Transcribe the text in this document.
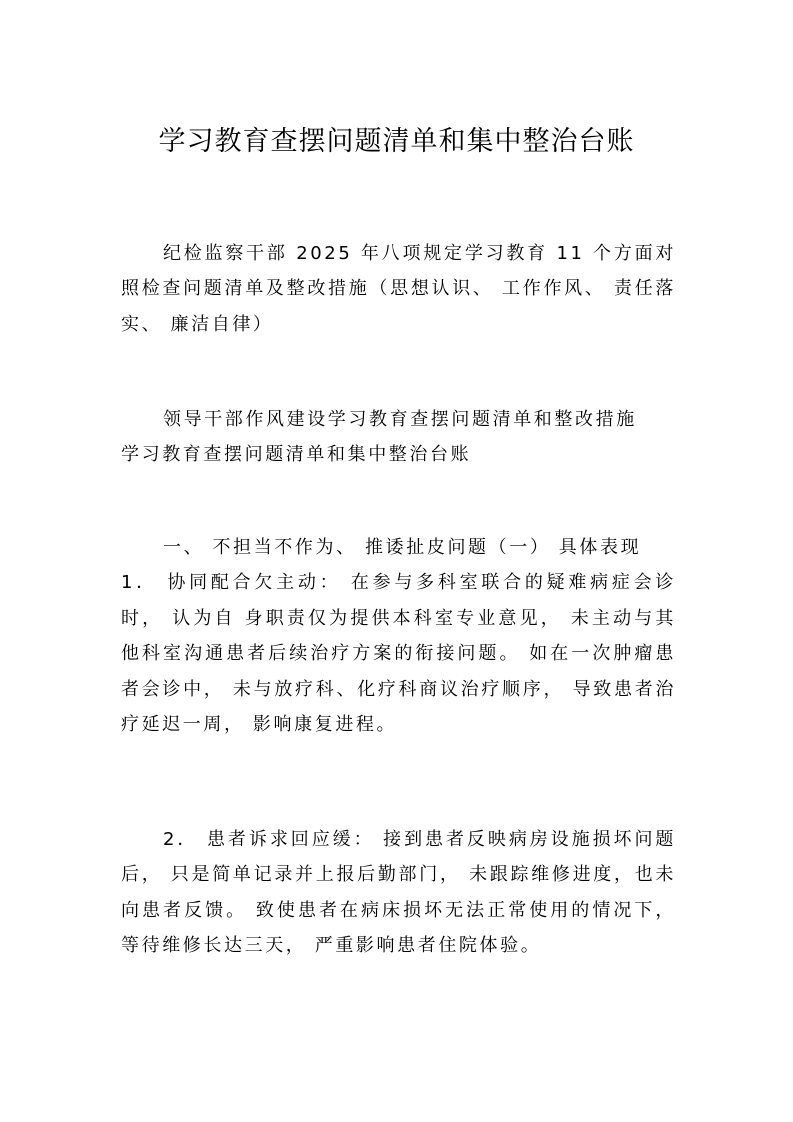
学习教育查摆问题清单和集中整治台账

纪检监察干部 2025 年八项规定学习教育 11 个方面对照检查问题清单及整改措施（思想认识、 工作作风、 责任落实、 廉洁自律）

领导干部作风建设学习教育查摆问题清单和整改措施

学习教育查摆问题清单和集中整治台账

一、 不担当不作为、 推诿扯皮问题（一） 具体表现

1． 协同配合欠主动： 在参与多科室联合的疑难病症会诊时， 认为自 身职责仅为提供本科室专业意见， 未主动与其他科室沟通患者后续治疗方案的衔接问题。 如在一次肿瘤患者会诊中， 未与放疗科、化疗科商议治疗顺序， 导致患者治疗延迟一周， 影响康复进程。

2． 患者诉求回应缓： 接到患者反映病房设施损坏问题后， 只是简单记录并上报后勤部门， 未跟踪维修进度，也未向患者反馈。 致使患者在病床损坏无法正常使用的情况下， 等待维修长达三天， 严重影响患者住院体验。
